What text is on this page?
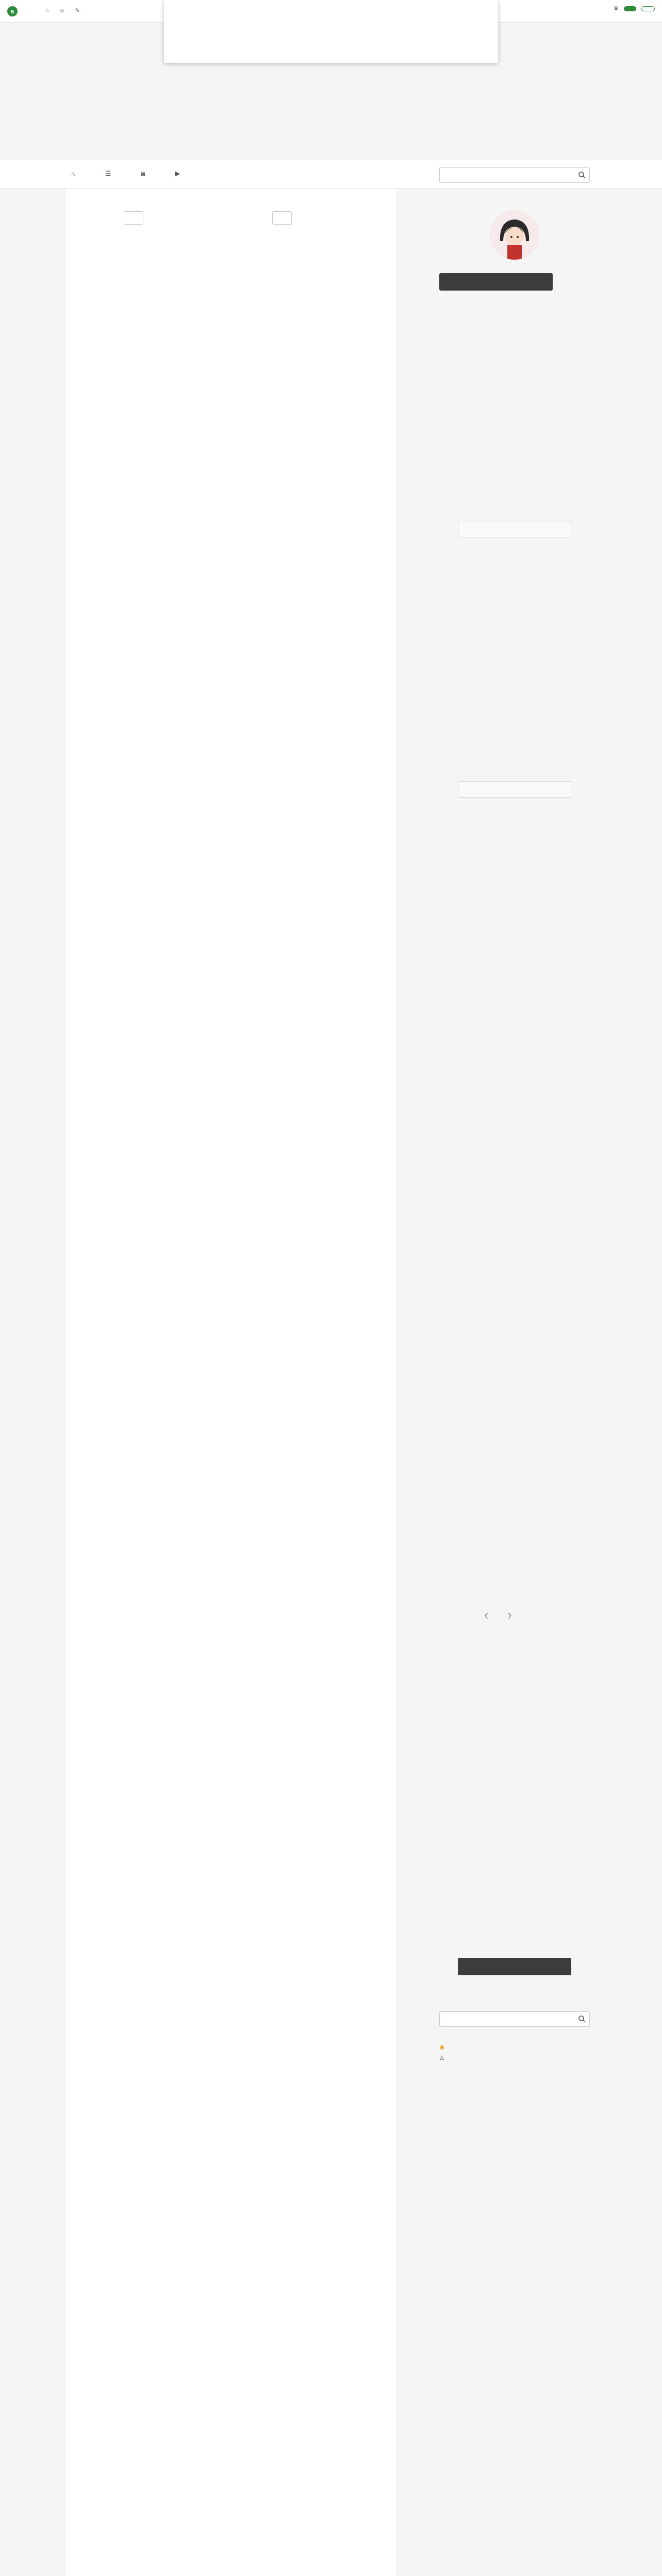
a	⌂ ☺ ✎	♛
⌂	☰	◙	▶
〈	〉
◉
⚠
